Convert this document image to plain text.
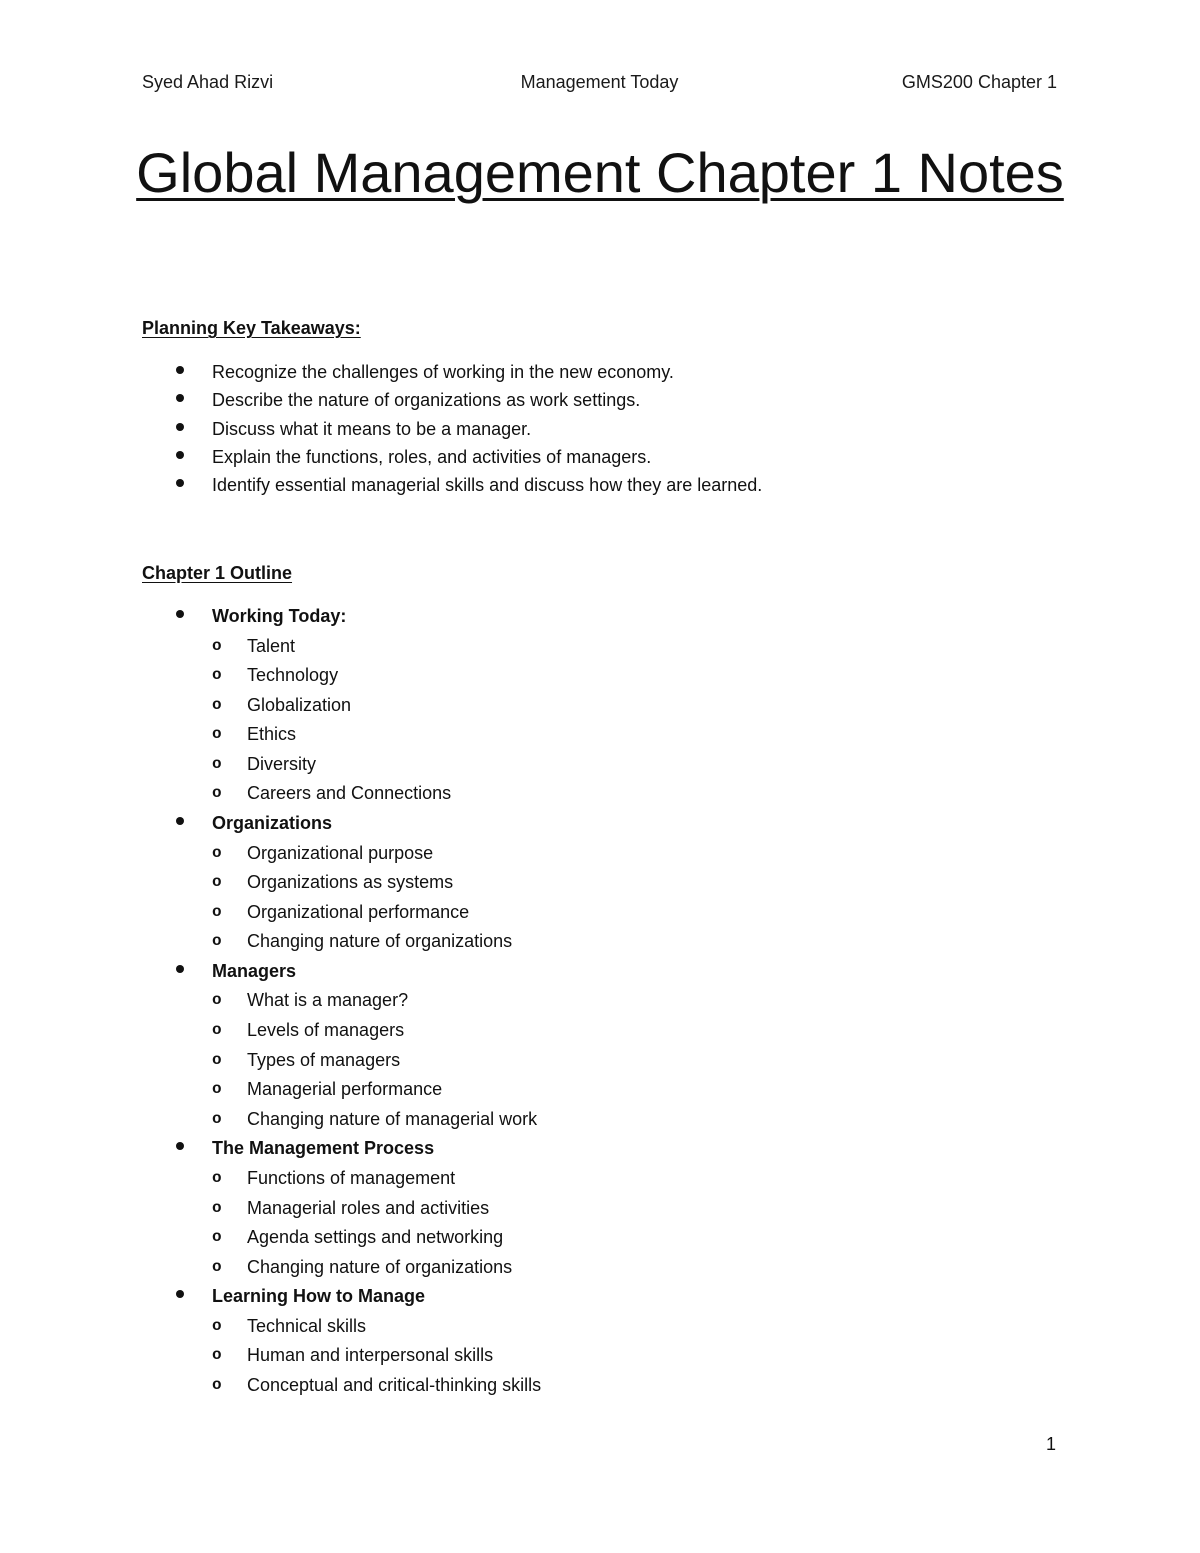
Syed Ahad Rizvi	Management Today	GMS200 Chapter 1
Global Management Chapter 1 Notes

Planning Key Takeaways:

Recognize the challenges of working in the new economy.
Describe the nature of organizations as work settings.
Discuss what it means to be a manager.
Explain the functions, roles, and activities of managers.
Identify essential managerial skills and discuss how they are learned.

Chapter 1 Outline

Working Today:
o Talent
o Technology
o Globalization
o Ethics
o Diversity
o Careers and Connections
Organizations
o Organizational purpose
o Organizations as systems
o Organizational performance
o Changing nature of organizations
Managers
o What is a manager?
o Levels of managers
o Types of managers
o Managerial performance
o Changing nature of managerial work
The Management Process
o Functions of management
o Managerial roles and activities
o Agenda settings and networking
o Changing nature of organizations
Learning How to Manage
o Technical skills
o Human and interpersonal skills
o Conceptual and critical-thinking skills
1
